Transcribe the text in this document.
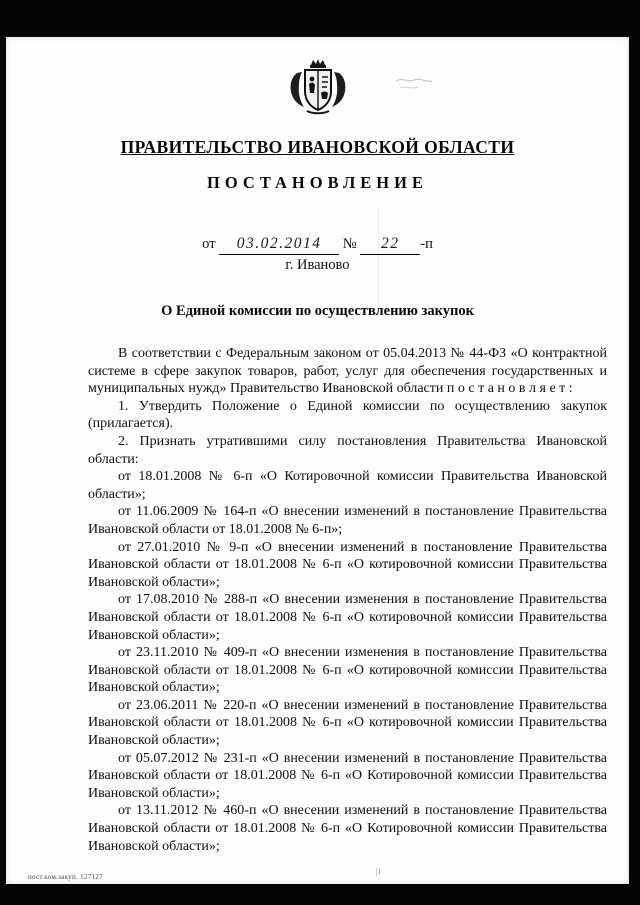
ПРАВИТЕЛЬСТВО ИВАНОВСКОЙ ОБЛАСТИ
ПОСТАНОВЛЕНИЕ
от 03.02.2014 № 22 -п
г. Иваново
О Единой комиссии по осуществлению закупок

В соответствии с Федеральным законом от 05.04.2013 № 44-ФЗ «О контрактной системе в сфере закупок товаров, работ, услуг для обеспечения государственных и муниципальных нужд» Правительство Ивановской области п о с т а н о в л я е т :

1. Утвердить Положение о Единой комиссии по осуществлению закупок (прилагается).

2. Признать утратившими силу постановления Правительства Ивановской области:

от 18.01.2008 № 6-п «О Котировочной комиссии Правительства Ивановской области»;

от 11.06.2009 № 164-п «О внесении изменений в постановление Правительства Ивановской области от 18.01.2008 № 6-п»;

от 27.01.2010 № 9-п «О внесении изменений в постановление Правительства Ивановской области от 18.01.2008 № 6-п «О котировочной комиссии Правительства Ивановской области»;

от 17.08.2010 № 288-п «О внесении изменения в постановление Правительства Ивановской области от 18.01.2008 № 6-п «О котировочной комиссии Правительства Ивановской области»;

от 23.11.2010 № 409-п «О внесении изменения в постановление Правительства Ивановской области от 18.01.2008 № 6-п «О котировочной комиссии Правительства Ивановской области»;

от 23.06.2011 № 220-п «О внесении изменений в постановление Правительства Ивановской области от 18.01.2008 № 6-п «О котировочной комиссии Правительства Ивановской области»;

от 05.07.2012 № 231-п «О внесении изменений в постановление Правительства Ивановской области от 18.01.2008 № 6-п «О Котировочной комиссии Правительства Ивановской области»;

от 13.11.2012 № 460-п «О внесении изменений в постановление Правительства Ивановской области от 18.01.2008 № 6-п «О Котировочной комиссии Правительства Ивановской области»;

пост.ком.закуп. 127127
| і
